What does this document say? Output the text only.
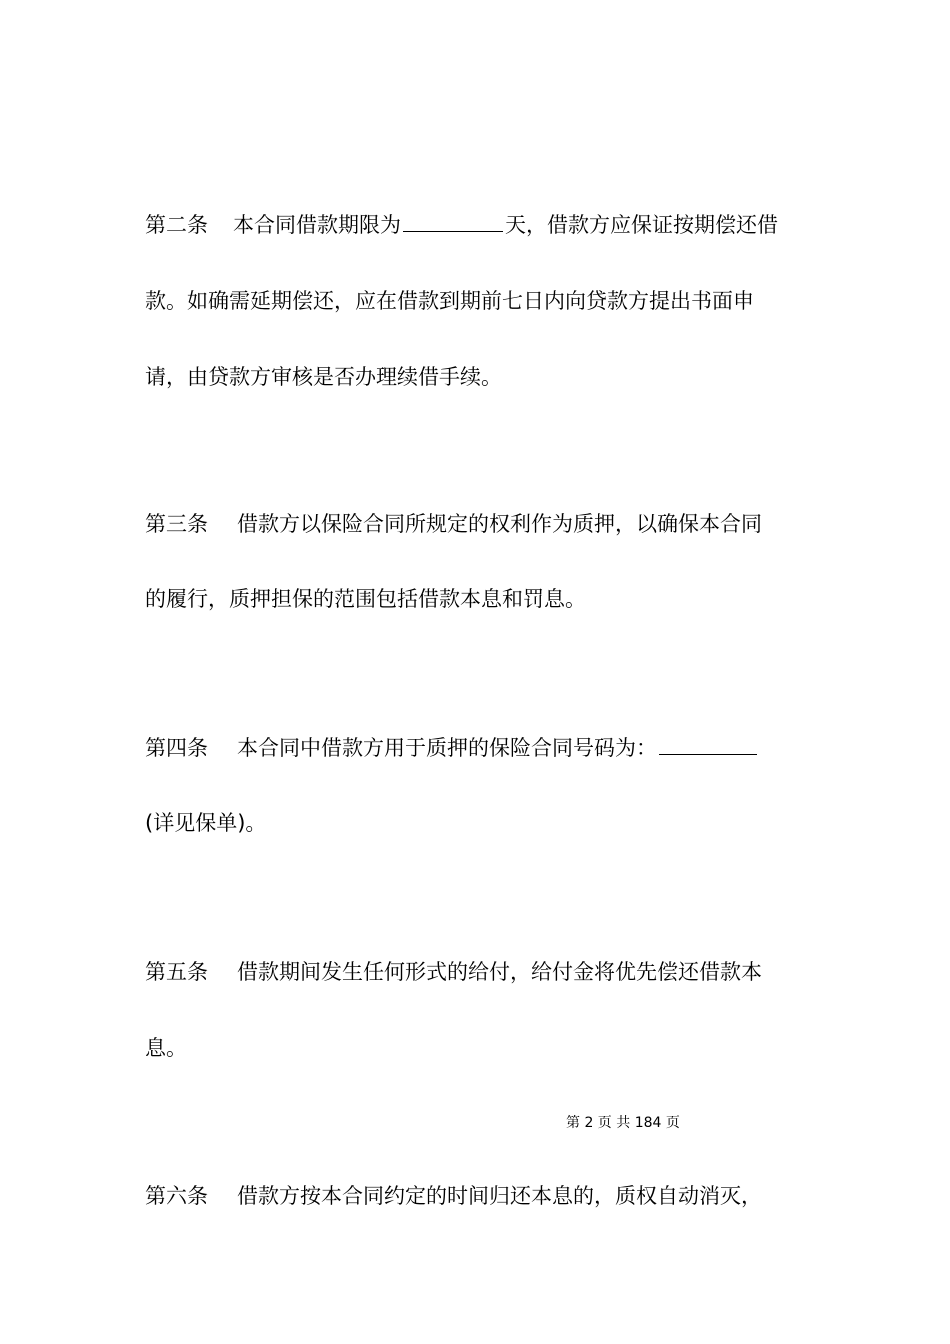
第二条 本合同借款期限为	天，借款方应保证按期偿还借
款。如确需延期偿还，应在借款到期前七日内向贷款方提出书面申
请，由贷款方审核是否办理续借手续。
第三条 借款方以保险合同所规定的权利作为质押，以确保本合同
的履行，质押担保的范围包括借款本息和罚息。
第四条 本合同中借款方用于质押的保险合同号码为：
(详见保单)。
第五条 借款期间发生任何形式的给付，给付金将优先偿还借款本
息。
第 2 页 共 184 页
第六条 借款方按本合同约定的时间归还本息的，质权自动消灭，
